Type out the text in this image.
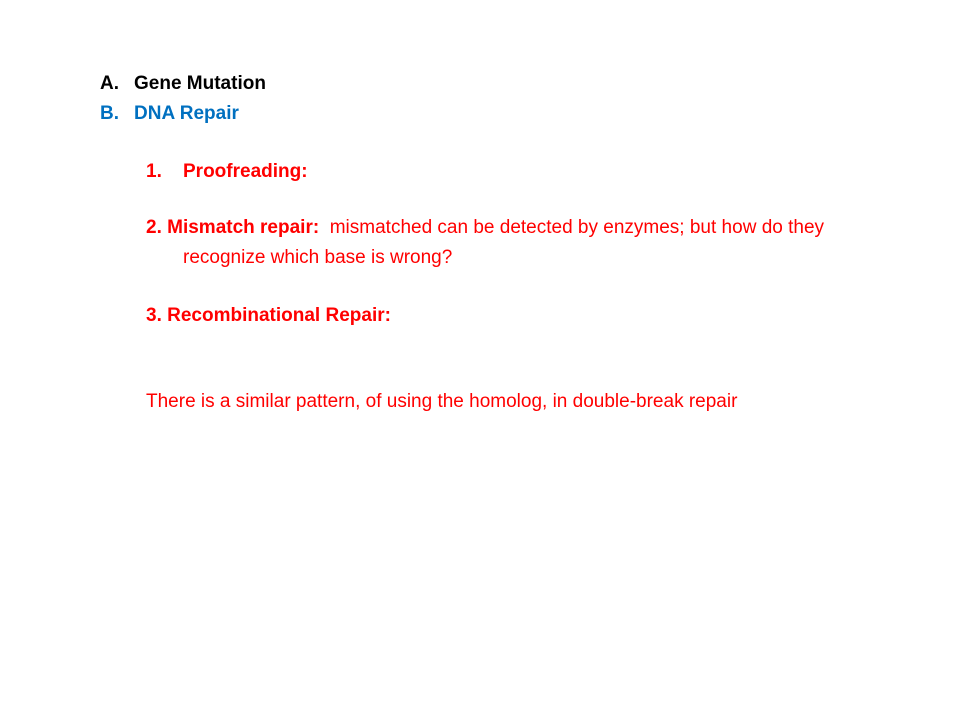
A. Gene Mutation
B. DNA Repair
1. Proofreading:
2. Mismatch repair: mismatched can be detected by enzymes; but how do they
recognize which base is wrong?
3. Recombinational Repair:
There is a similar pattern, of using the homolog, in double-break repair
